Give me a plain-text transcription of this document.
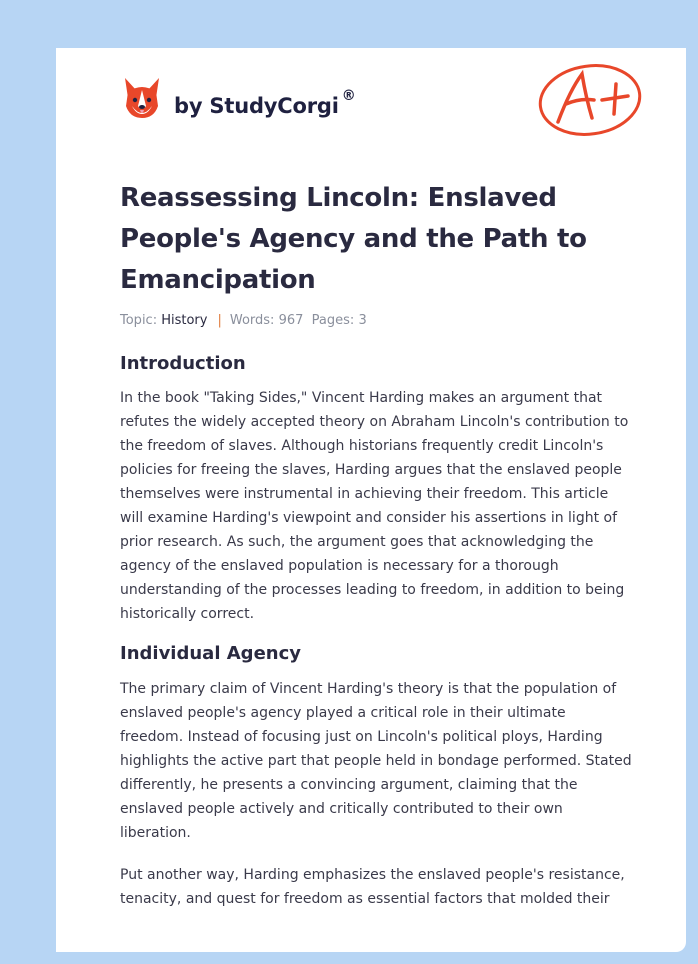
by StudyCorgi ®
Reassessing Lincoln: Enslaved People's Agency and the Path to Emancipation
Topic: History | Words: 967 Pages: 3
Introduction

In the book "Taking Sides," Vincent Harding makes an argument that refutes the widely accepted theory on Abraham Lincoln's contribution to the freedom of slaves. Although historians frequently credit Lincoln's policies for freeing the slaves, Harding argues that the enslaved people themselves were instrumental in achieving their freedom. This article will examine Harding's viewpoint and consider his assertions in light of prior research. As such, the argument goes that acknowledging the agency of the enslaved population is necessary for a thorough understanding of the processes leading to freedom, in addition to being historically correct.

Individual Agency

The primary claim of Vincent Harding's theory is that the population of enslaved people's agency played a critical role in their ultimate freedom. Instead of focusing just on Lincoln's political ploys, Harding highlights the active part that people held in bondage performed. Stated differently, he presents a convincing argument, claiming that the enslaved people actively and critically contributed to their own liberation.

Put another way, Harding emphasizes the enslaved people's resistance, tenacity, and quest for freedom as essential factors that molded their
